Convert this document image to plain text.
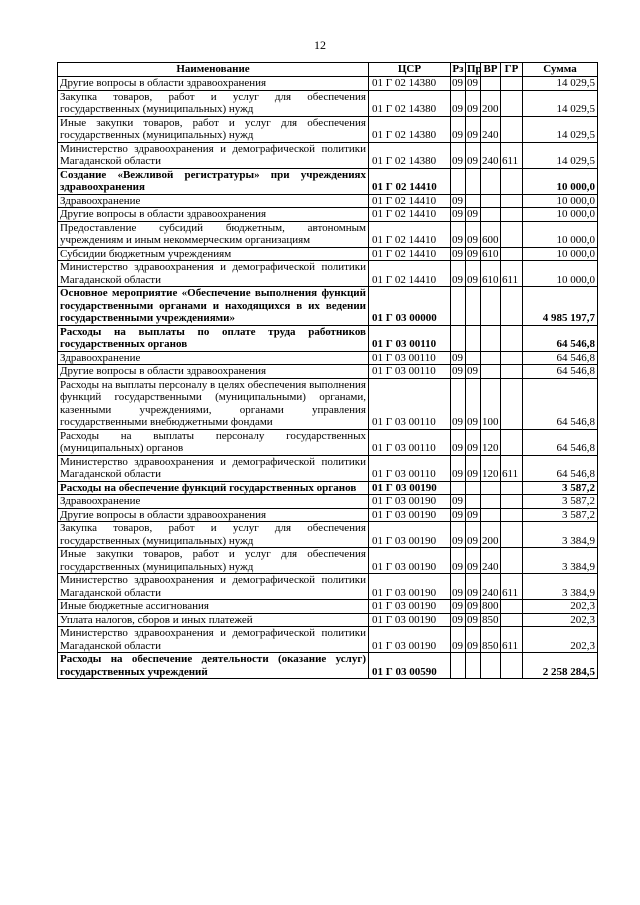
12
Наименование	ЦСР	Рз	Пр	ВР	ГР	Сумма
Другие вопросы в области здравоохранения	01 Г 02 14380	09	09			14 029,5
Закупка товаров, работ и услуг для обеспечения государственных (муниципальных) нужд	01 Г 02 14380	09	09	200		14 029,5
Иные закупки товаров, работ и услуг для обеспечения государственных (муниципальных) нужд	01 Г 02 14380	09	09	240		14 029,5
Министерство здравоохранения и демографической политики Магаданской области	01 Г 02 14380	09	09	240	611	14 029,5
Создание «Вежливой регистратуры» при учреждениях здравоохранения	01 Г 02 14410					10 000,0
Здравоохранение	01 Г 02 14410	09				10 000,0
Другие вопросы в области здравоохранения	01 Г 02 14410	09	09			10 000,0
Предоставление субсидий бюджетным, автономным учреждениям и иным некоммерческим организациям	01 Г 02 14410	09	09	600		10 000,0
Субсидии бюджетным учреждениям	01 Г 02 14410	09	09	610		10 000,0
Министерство здравоохранения и демографической политики Магаданской области	01 Г 02 14410	09	09	610	611	10 000,0
Основное мероприятие «Обеспечение выполнения функций государственными органами и находящихся в их ведении государственными учреждениями»	01 Г 03 00000					4 985 197,7
Расходы на выплаты по оплате труда работников государственных органов	01 Г 03 00110					64 546,8
Здравоохранение	01 Г 03 00110	09				64 546,8
Другие вопросы в области здравоохранения	01 Г 03 00110	09	09			64 546,8
Расходы на выплаты персоналу в целях обеспечения выполнения функций государственными (муниципальными) органами, казенными учреждениями, органами управления государственными внебюджетными фондами	01 Г 03 00110	09	09	100		64 546,8
Расходы на выплаты персоналу государственных (муниципальных) органов	01 Г 03 00110	09	09	120		64 546,8
Министерство здравоохранения и демографической политики Магаданской области	01 Г 03 00110	09	09	120	611	64 546,8
Расходы на обеспечение функций государственных органов	01 Г 03 00190					3 587,2
Здравоохранение	01 Г 03 00190	09				3 587,2
Другие вопросы в области здравоохранения	01 Г 03 00190	09	09			3 587,2
Закупка товаров, работ и услуг для обеспечения государственных (муниципальных) нужд	01 Г 03 00190	09	09	200		3 384,9
Иные закупки товаров, работ и услуг для обеспечения государственных (муниципальных) нужд	01 Г 03 00190	09	09	240		3 384,9
Министерство здравоохранения и демографической политики Магаданской области	01 Г 03 00190	09	09	240	611	3 384,9
Иные бюджетные ассигнования	01 Г 03 00190	09	09	800		202,3
Уплата налогов, сборов и иных платежей	01 Г 03 00190	09	09	850		202,3
Министерство здравоохранения и демографической политики Магаданской области	01 Г 03 00190	09	09	850	611	202,3
Расходы на обеспечение деятельности (оказание услуг) государственных учреждений	01 Г 03 00590					2 258 284,5
